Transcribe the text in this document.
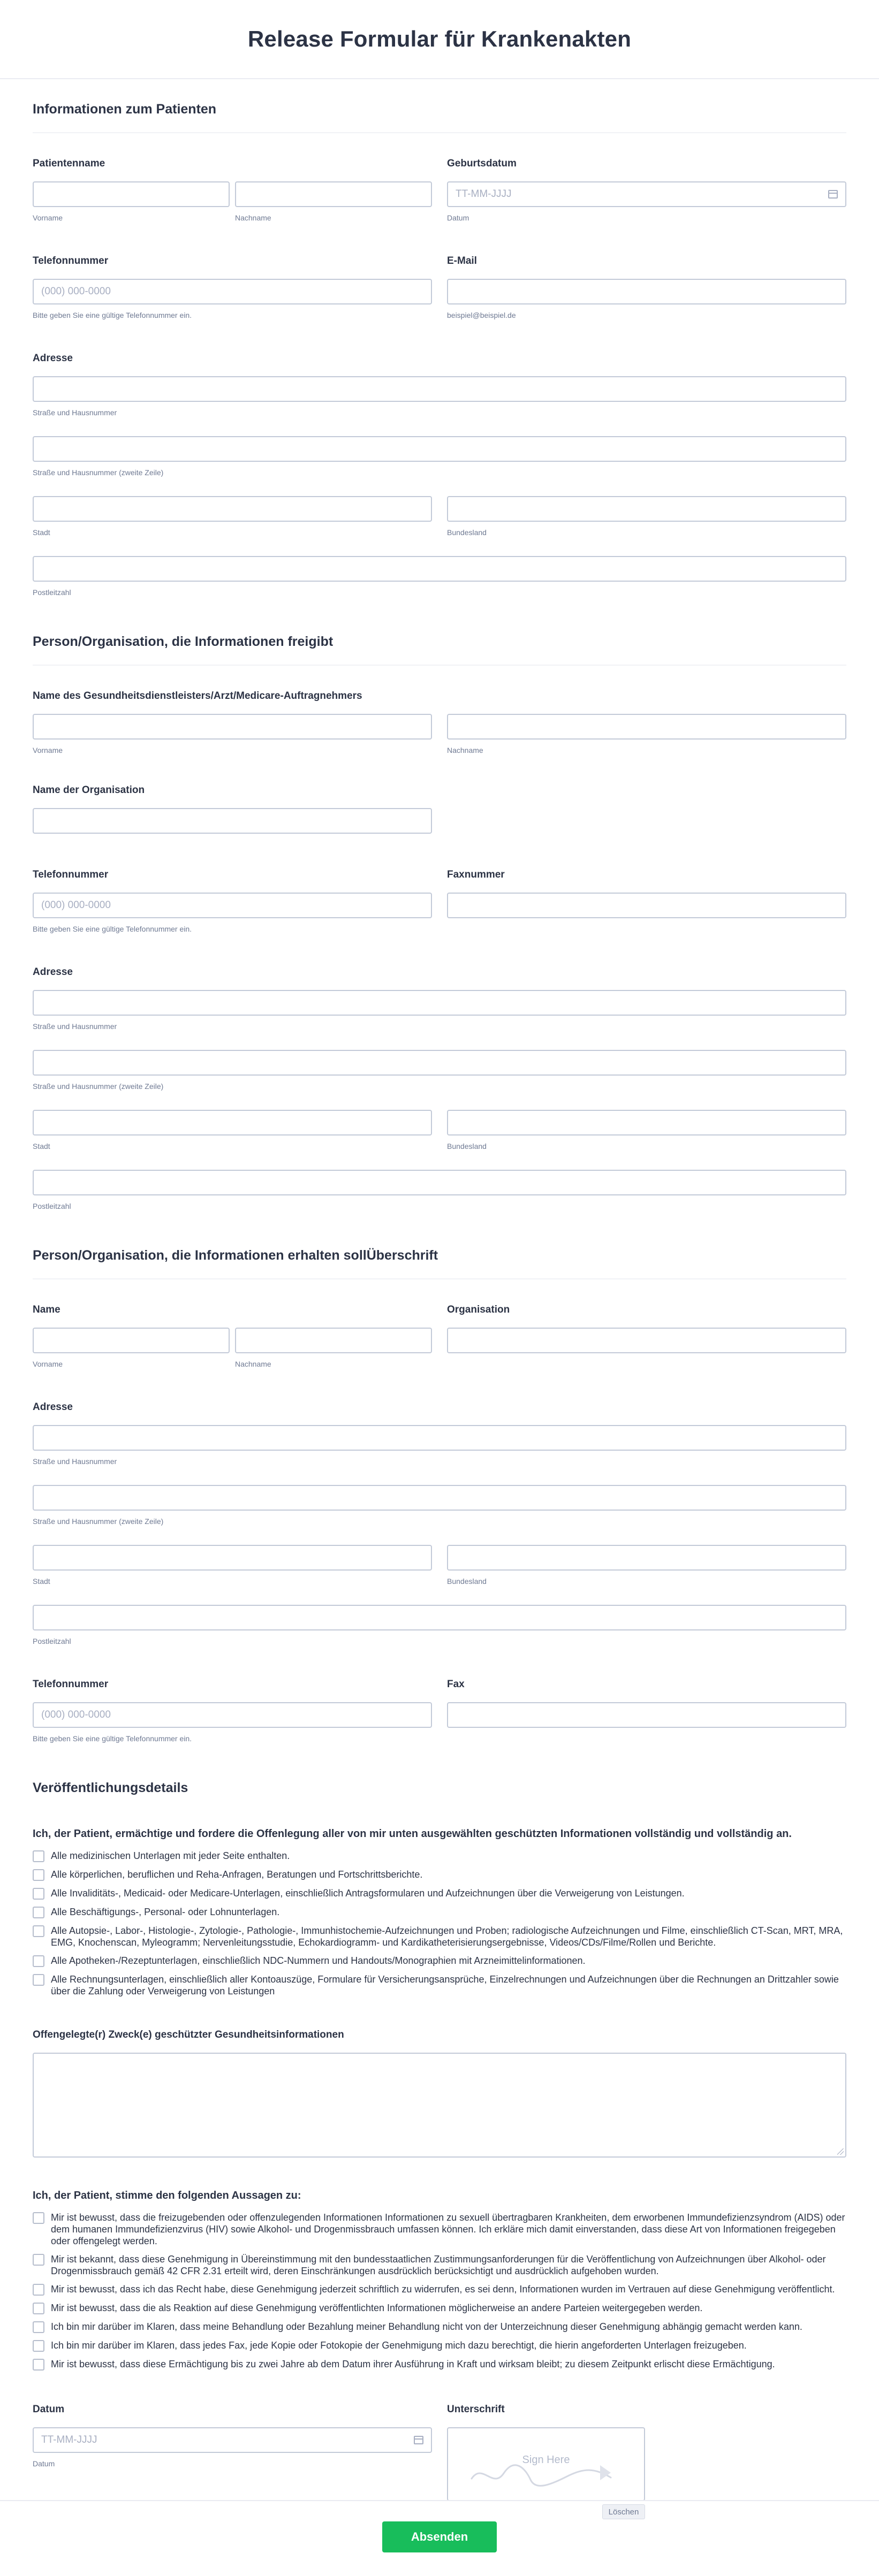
Release Formular für Krankenakten
Informationen zum Patienten
Patientenname
Vorname	Nachname
Geburtsdatum
TT-MM-JJJJ
Datum
Telefonnummer
(000) 000-0000
Bitte geben Sie eine gültige Telefonnummer ein.
E-Mail
beispiel@beispiel.de
Adresse
Straße und Hausnummer
Straße und Hausnummer (zweite Zeile)
Stadt	Bundesland
Postleitzahl
Person/Organisation, die Informationen freigibt
Name des Gesundheitsdienstleisters/Arzt/Medicare-Auftragnehmers
Vorname	Nachname
Name der Organisation
Telefonnummer
(000) 000-0000
Bitte geben Sie eine gültige Telefonnummer ein.
Faxnummer
Adresse
Straße und Hausnummer
Straße und Hausnummer (zweite Zeile)
Stadt	Bundesland
Postleitzahl
Person/Organisation, die Informationen erhalten sollÜberschrift
Name
Vorname	Nachname
Organisation
Adresse
Straße und Hausnummer
Straße und Hausnummer (zweite Zeile)
Stadt	Bundesland
Postleitzahl
Telefonnummer
(000) 000-0000
Bitte geben Sie eine gültige Telefonnummer ein.
Fax
Veröffentlichungsdetails
Ich, der Patient, ermächtige und fordere die Offenlegung aller von mir unten ausgewählten geschützten Informationen vollständig und vollständig an.
Alle medizinischen Unterlagen mit jeder Seite enthalten.
Alle körperlichen, beruflichen und Reha-Anfragen, Beratungen und Fortschrittsberichte.
Alle Invaliditäts-, Medicaid- oder Medicare-Unterlagen, einschließlich Antragsformularen und Aufzeichnungen über die Verweigerung von Leistungen.
Alle Beschäftigungs-, Personal- oder Lohnunterlagen.
Alle Autopsie-, Labor-, Histologie-, Zytologie-, Pathologie-, Immunhistochemie-Aufzeichnungen und Proben; radiologische Aufzeichnungen und Filme, einschließlich CT-Scan, MRT, MRA, EMG, Knochenscan, Myleogramm; Nervenleitungsstudie, Echokardiogramm- und Kardikatheterisierungsergebnisse, Videos/CDs/Filme/Rollen und Berichte.
Alle Apotheken-/Rezeptunterlagen, einschließlich NDC-Nummern und Handouts/Monographien mit Arzneimittelinformationen.
Alle Rechnungsunterlagen, einschließlich aller Kontoauszüge, Formulare für Versicherungsansprüche, Einzelrechnungen und Aufzeichnungen über die Rechnungen an Drittzahler sowie über die Zahlung oder Verweigerung von Leistungen
Offengelegte(r) Zweck(e) geschützter Gesundheitsinformationen
Ich, der Patient, stimme den folgenden Aussagen zu:
Mir ist bewusst, dass die freizugebenden oder offenzulegenden Informationen Informationen zu sexuell übertragbaren Krankheiten, dem erworbenen Immundefizienzsyndrom (AIDS) oder dem humanen Immundefizienzvirus (HIV) sowie Alkohol- und Drogenmissbrauch umfassen können. Ich erkläre mich damit einverstanden, dass diese Art von Informationen freigegeben oder offengelegt werden.
Mir ist bekannt, dass diese Genehmigung in Übereinstimmung mit den bundesstaatlichen Zustimmungsanforderungen für die Veröffentlichung von Aufzeichnungen über Alkohol- oder Drogenmissbrauch gemäß 42 CFR 2.31 erteilt wird, deren Einschränkungen ausdrücklich berücksichtigt und ausdrücklich aufgehoben wurden.
Mir ist bewusst, dass ich das Recht habe, diese Genehmigung jederzeit schriftlich zu widerrufen, es sei denn, Informationen wurden im Vertrauen auf diese Genehmigung veröffentlicht.
Mir ist bewusst, dass die als Reaktion auf diese Genehmigung veröffentlichten Informationen möglicherweise an andere Parteien weitergegeben werden.
Ich bin mir darüber im Klaren, dass meine Behandlung oder Bezahlung meiner Behandlung nicht von der Unterzeichnung dieser Genehmigung abhängig gemacht werden kann.
Ich bin mir darüber im Klaren, dass jedes Fax, jede Kopie oder Fotokopie der Genehmigung mich dazu berechtigt, die hierin angeforderten Unterlagen freizugeben.
Mir ist bewusst, dass diese Ermächtigung bis zu zwei Jahre ab dem Datum ihrer Ausführung in Kraft und wirksam bleibt; zu diesem Zeitpunkt erlischt diese Ermächtigung.
Datum
TT-MM-JJJJ
Datum
Unterschrift
Sign Here
Löschen
Absenden
